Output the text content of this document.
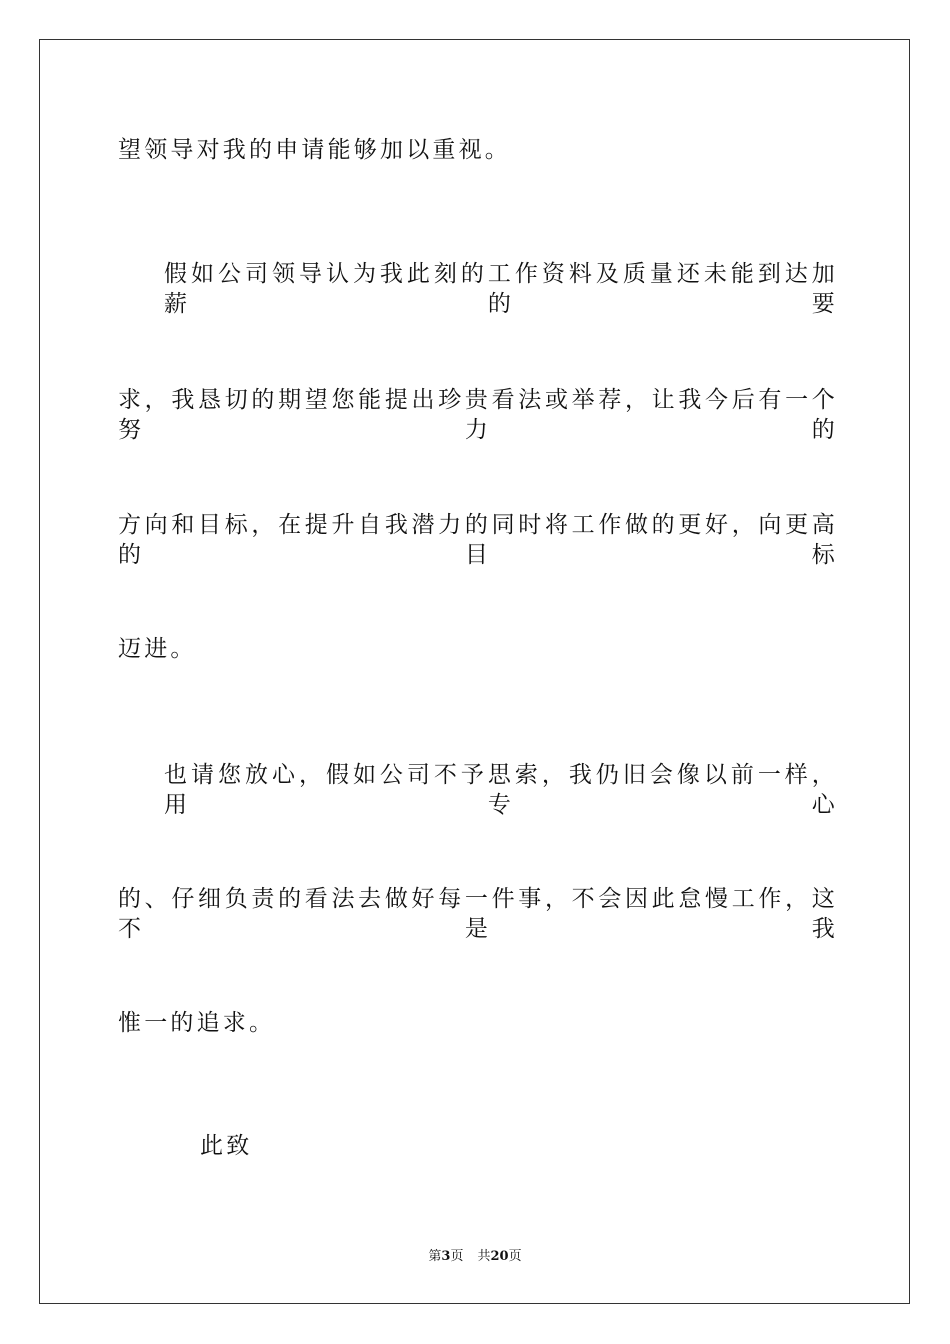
望领导对我的申请能够加以重视。

假如公司领导认为我此刻的工作资料及质量还未能到达加薪的要

求，我恳切的期望您能提出珍贵看法或举荐，让我今后有一个努力的

方向和目标，在提升自我潜力的同时将工作做的更好，向更高的目标

迈进。

也请您放心，假如公司不予思索，我仍旧会像以前一样，用专心

的、仔细负责的看法去做好每一件事，不会因此怠慢工作，这不是我

惟一的追求。

此致

第3页 共20页
